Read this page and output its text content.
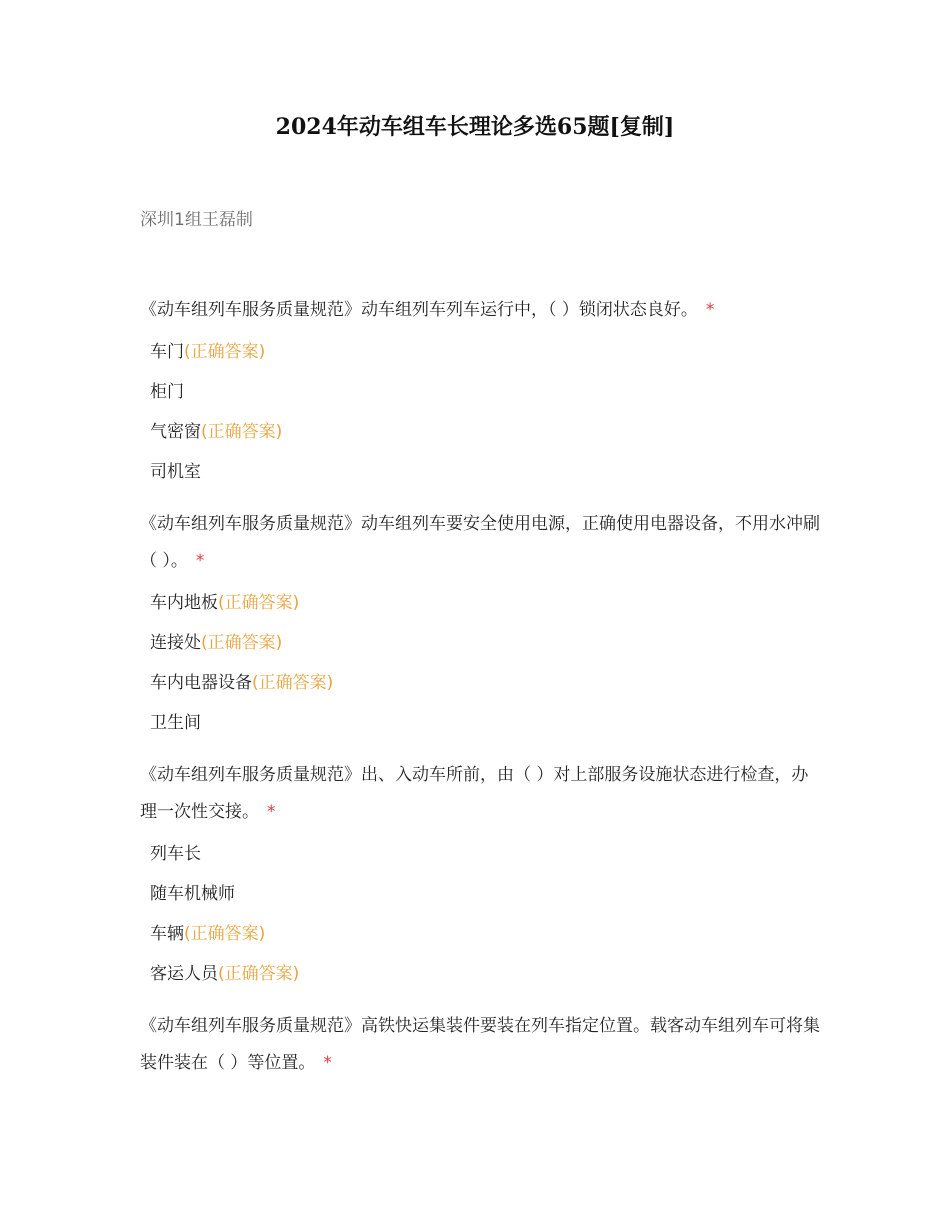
2024年动车组车长理论多选65题[复制]
深圳1组王磊制
《动车组列车服务质量规范》动车组列车列车运行中，（ ）锁闭状态良好。 *
车门(正确答案)
柜门
气密窗(正确答案)
司机室
《动车组列车服务质量规范》动车组列车要安全使用电源，正确使用电器设备，不用水冲刷（ ）。 *
车内地板(正确答案)
连接处(正确答案)
车内电器设备(正确答案)
卫生间
《动车组列车服务质量规范》出、入动车所前，由（ ）对上部服务设施状态进行检查，办理一次性交接。 *
列车长
随车机械师
车辆(正确答案)
客运人员(正确答案)
《动车组列车服务质量规范》高铁快运集装件要装在列车指定位置。载客动车组列车可将集装件装在（ ）等位置。 *
